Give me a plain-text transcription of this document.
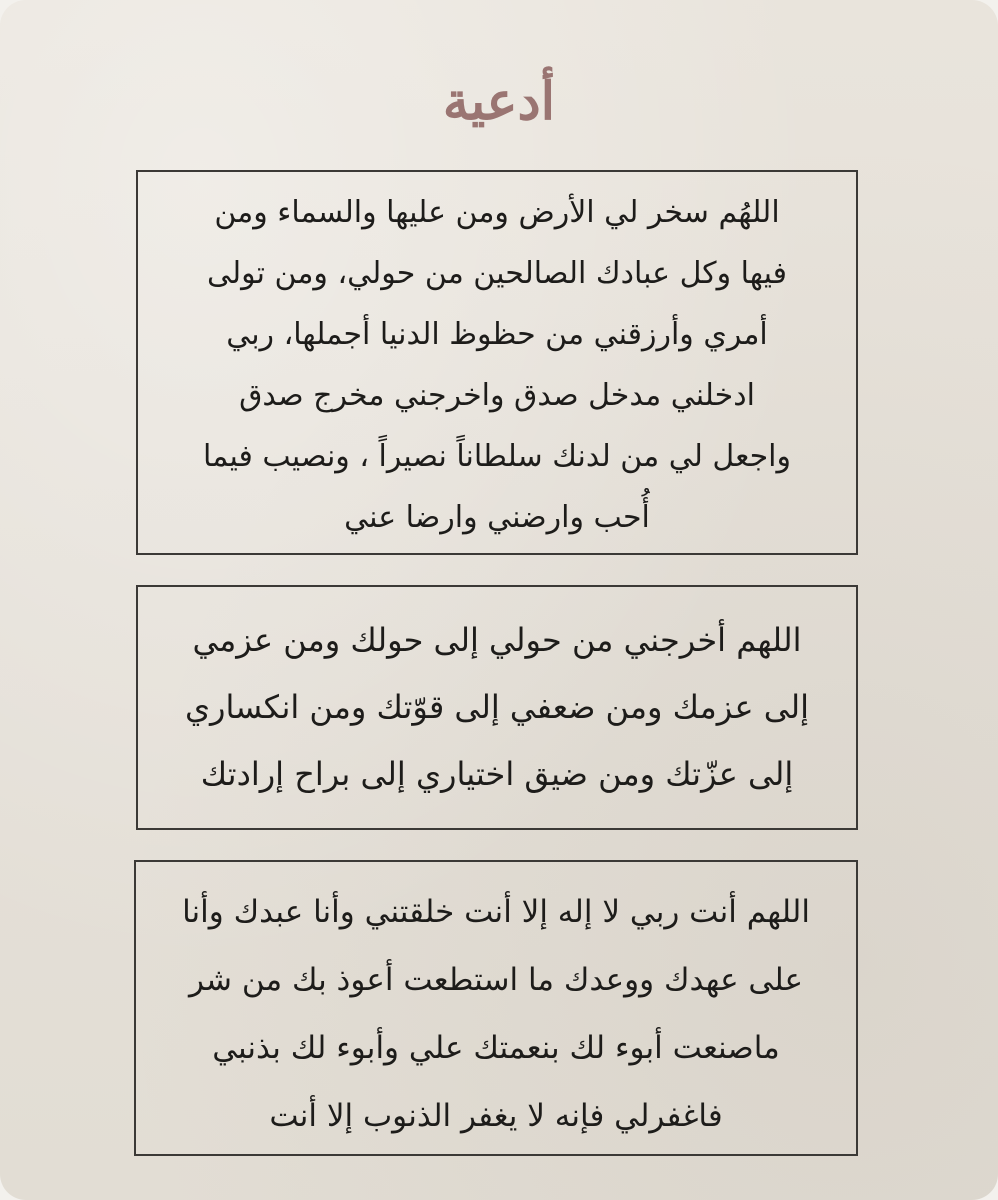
أدعية
اللهُم سخر لي الأرض ومن عليها والسماء ومن
فيها وكل عبادك الصالحين من حولي، ومن تولى
أمري وأرزقني من حظوظ الدنيا أجملها، ربي
ادخلني مدخل صدق واخرجني مخرج صدق
واجعل لي من لدنك سلطاناً نصيراً ، ونصيب فيما
أُحب وارضني وارضا عني
اللهم أخرجني من حولي إلى حولك ومن عزمي
إلى عزمك ومن ضعفي إلى قوّتك ومن انكساري
إلى عزّتك ومن ضيق اختياري إلى براح إرادتك
اللهم أنت ربي لا إله إلا أنت خلقتني وأنا عبدك وأنا
على عهدك ووعدك ما استطعت أعوذ بك من شر
ماصنعت أبوء لك بنعمتك علي وأبوء لك بذنبي
فاغفرلي فإنه لا يغفر الذنوب إلا أنت
